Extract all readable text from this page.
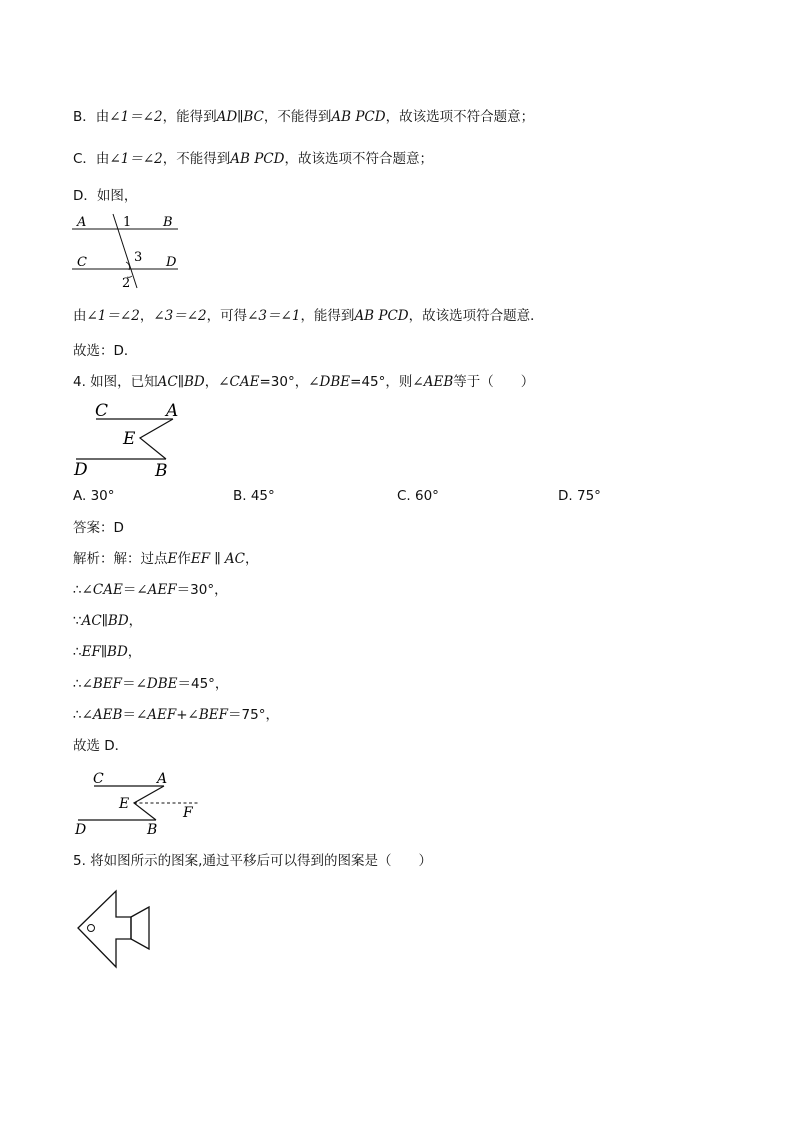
B．由∠1＝∠2，能得到AD∥BC，不能得到AB PCD，故该选项不符合题意；
C．由∠1＝∠2，不能得到AB PCD，故该选项不符合题意；
D．如图，
A	B
C	D
1
3
2
由∠1＝∠2，∠3＝∠2，可得∠3＝∠1，能得到AB PCD，故该选项符合题意．
故选：D．
4. 如图，已知AC∥BD，∠CAE=30°，∠DBE=45°，则∠AEB等于（　　）
C	A
E
D	B
A. 30°	B. 45°	C. 60°	D. 75°
答案：D
解析：解：过点E作EF ∥ AC，
∴∠CAE＝∠AEF＝30°，
∵AC∥BD，
∴EF∥BD，
∴∠BEF＝∠DBE＝45°，
∴∠AEB＝∠AEF+∠BEF＝75°，
故选 D．
C	A
E
F
D	B
5. 将如图所示的图案,通过平移后可以得到的图案是（　　）
